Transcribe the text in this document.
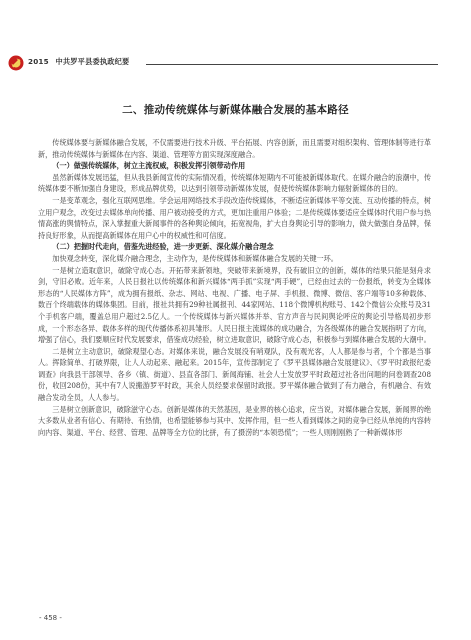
2015 中共罗平县委执政纪要
二、推动传统媒体与新媒体融合发展的基本路径

传统媒体要与新媒体融合发展，不仅需要进行技术升级、平台拓展、内容创新，而且需要对组织架构、管理体制等进行革新，推动传统媒体与新媒体在内容、渠道、管理等方面实现深度融合。

（一）做强传统媒体，树立主流权威，积极发挥引领带动作用

虽然新媒体发展迅猛，但从我县新闻宣传的实际情况看，传统媒体短期内不可能被新媒体取代。在媒介融合的浪潮中，传统媒体要不断加强自身建设，形成品牌优势，以达到引领带动新媒体发展，促使传统媒体影响力辐射新媒体的目的。

一是变革观念，强化互联网思维。学会运用网络技术手段改造传统媒体，不断适应新媒体平等交流、互动传播的特点，树立用户观念，改变过去媒体单向传播、用户被动接受的方式，更加注重用户体验；二是传统媒体要适应全媒体时代用户参与热情高涨的舆情特点，深入掌握重大新闻事件的各种舆论倾向，拓宽视角，扩大自身舆论引导的影响力，做大做强自身品牌，保持良好形象，从而提高新媒体在用户心中的权威性和可信度。

（二）把握时代走向，借鉴先进经验，进一步更新、深化媒介融合理念

加快观念转变，深化媒介融合理念，主动作为，是传统媒体和新媒体融合发展的关键一环。

一是树立造取意识，破除守成心态。开拓带来新领地，突破带来新境界，没有破旧立的创新，媒体的结果只能是刻舟求剑，守旧必败。近年来，人民日报社以传统媒体和新兴媒体“两手抓”实现“两手硬”，已经由过去的一份报纸，转变为全媒体形态的“人民媒体方阵”，成为拥有报纸、杂志、网站、电视、广播、电子屏、手机报、微博、微信、客户端等10多种载体、数百个终端载体的媒体集团。目前，报社共拥有29种社属报刊、44家网站、118个微博机构账号、142个微信公众账号及31个手机客户端，覆盖总用户超过2.5亿人。一个传统媒体与新兴媒体并举、官方声音与民间舆论呼应的舆论引导格局初步形成，一个形态各异、载体多样的现代传播体系初具雏形。人民日报主流媒体的成功融合，为各级媒体的融合发展指明了方向，增强了信心，我们要顺应时代发展要求，借鉴成功经验，树立进取意识，破除守成心态，积极参与到媒体融合发展的大潮中。

二是树立主动意识，破除观望心态。对媒体来说，融合发展没有哨观队，没有观光客，人人都是参与者，个个都是当事人。挥除简单、打破界限，让人人动起来、融起来。2015年，宣传部制定了《罗平县媒体融合发展建议》、《罗平时政报纪委调查》向我县干部领导、各乡（镇、街道）、县直各部门、新闻海铺、社会人士发放罗平时政超过社各出问题的问卷调查208份，收回208份，其中有7人说搬游罗平时政，其余人员经要求保留时政报。罗平媒体融合做到了有力融合，有机融合、有效融合发动全员，人人参与。

三是树立创新意识，破除滋守心态。创新是媒体的天然基因，是业界的核心追求，应当说，对媒体融合发展，新闻界的绝大多数从业者有信心、有期待、有热情，也希望能够参与其中、发挥作用，但一些人看到媒体之间的竞争已经从单纯的内容转向内容、渠道、平台、经营、管理、品牌等全方位的比拼，有了摄涝的“本领恐慌”；一些人则刚刚熟了一种新媒体形

- 458 -
